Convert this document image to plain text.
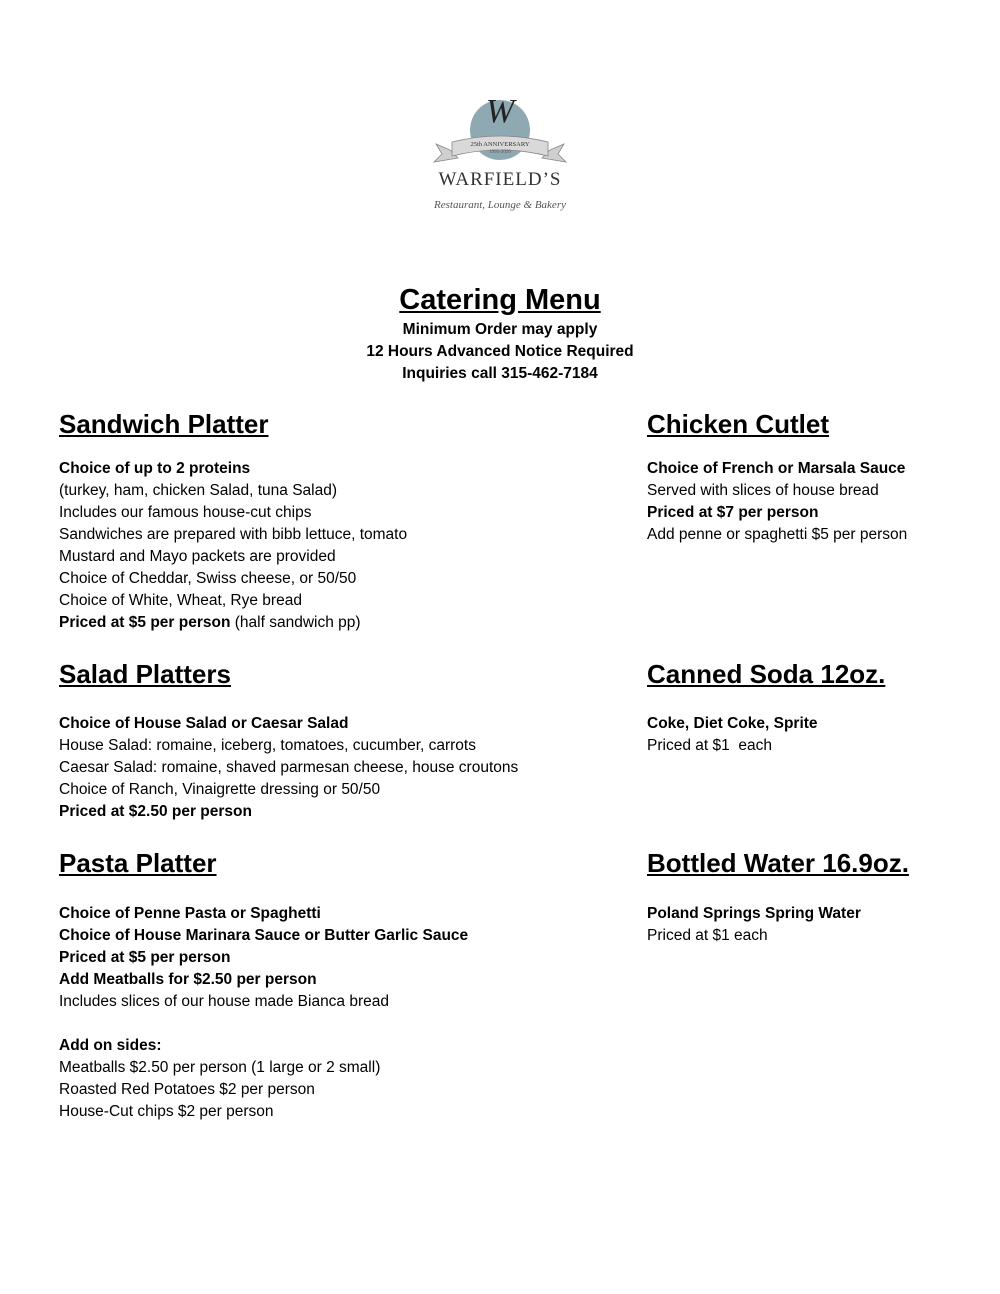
W
25th ANNIVERSARY
1995-2020
WARFIELD’S
Restaurant, Lounge & Bakery
Catering Menu
Minimum Order may apply
12 Hours Advanced Notice Required
Inquiries call 315-462-7184
Sandwich Platter
Choice of up to 2 proteins
(turkey, ham, chicken Salad, tuna Salad)
Includes our famous house-cut chips
Sandwiches are prepared with bibb lettuce, tomato
Mustard and Mayo packets are provided
Choice of Cheddar, Swiss cheese, or 50/50
Choice of White, Wheat, Rye bread
Priced at $5 per person (half sandwich pp)
Chicken Cutlet
Choice of French or Marsala Sauce
Served with slices of house bread
Priced at $7 per person
Add penne or spaghetti $5 per person
Salad Platters
Choice of House Salad or Caesar Salad
House Salad: romaine, iceberg, tomatoes, cucumber, carrots
Caesar Salad: romaine, shaved parmesan cheese, house croutons
Choice of Ranch, Vinaigrette dressing or 50/50
Priced at $2.50 per person
Canned Soda 12oz.
Coke, Diet Coke, Sprite
Priced at $1  each
Pasta Platter
Choice of Penne Pasta or Spaghetti
Choice of House Marinara Sauce or Butter Garlic Sauce
Priced at $5 per person
Add Meatballs for $2.50 per person
Includes slices of our house made Bianca bread
Add on sides:
Meatballs $2.50 per person (1 large or 2 small)
Roasted Red Potatoes $2 per person
House-Cut chips $2 per person
Bottled Water 16.9oz.
Poland Springs Spring Water
Priced at $1 each
